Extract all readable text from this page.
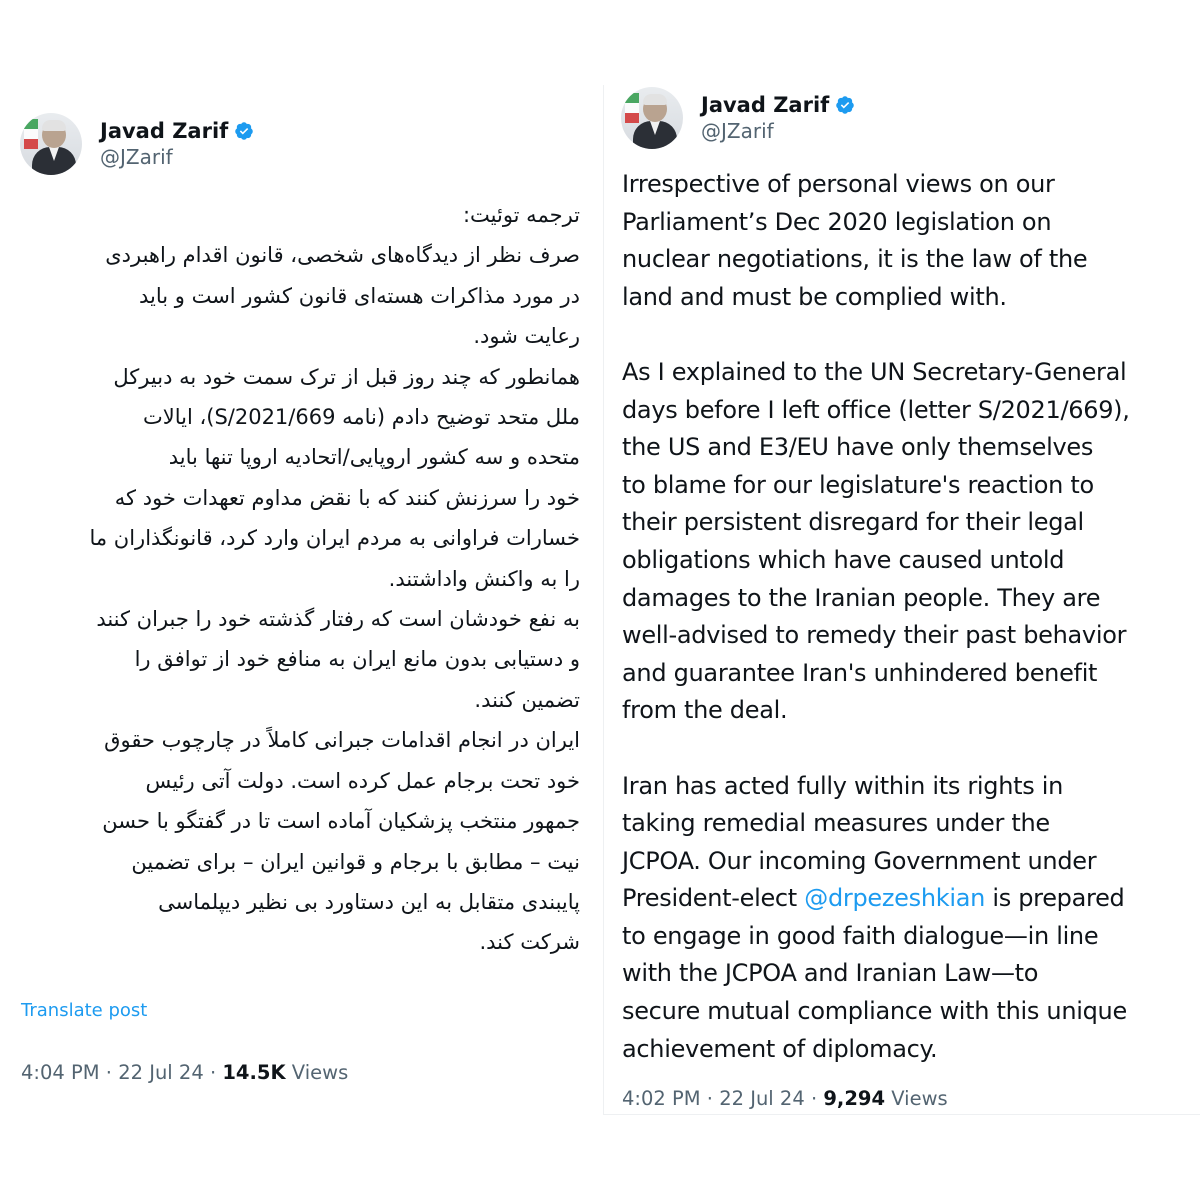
Javad Zarif
@JZarif

ترجمه توئیت:

صرف نظر از دیدگاه‌های شخصی، قانون اقدام راهبردی

در مورد مذاکرات هسته‌ای قانون کشور است و باید

رعایت شود.

همانطور که چند روز قبل از ترک سمت خود به دبیرکل

ملل متحد توضیح دادم (نامه S/2021/669)، ایالات

متحده و سه کشور اروپایی/اتحادیه اروپا تنها باید

خود را سرزنش کنند که با نقض مداوم تعهدات خود که

خسارات فراوانی به مردم ایران وارد کرد، قانونگذاران ما

را به واکنش واداشتند.

به نفع خودشان است که رفتار گذشته خود را جبران کنند

و دستیابی بدون مانع ایران به منافع خود از توافق را

تضمین کنند.

ایران در انجام اقدامات جبرانی کاملاً در چارچوب حقوق

خود تحت برجام عمل کرده است. دولت آتی رئیس

جمهور منتخب پزشکیان آماده است تا در گفتگو با حسن

نیت – مطابق با برجام و قوانین ایران – برای تضمین

پایبندی متقابل به این دستاورد بی نظیر دیپلماسی

شرکت کند.

Translate post
4:04 PM · 22 Jul 24 · 14.5K Views
Javad Zarif
@JZarif

Irrespective of personal views on our

Parliament’s Dec 2020 legislation on

nuclear negotiations, it is the law of the

land and must be complied with.

As I explained to the UN Secretary-General

days before I left office (letter S/2021/669),

the US and E3/EU have only themselves

to blame for our legislature's reaction to

their persistent disregard for their legal

obligations which have caused untold

damages to the Iranian people. They are

well-advised to remedy their past behavior

and guarantee Iran's unhindered benefit

from the deal.

Iran has acted fully within its rights in

taking remedial measures under the

JCPOA. Our incoming Government under

President-elect @drpezeshkian is prepared

to engage in good faith dialogue—in line

with the JCPOA and Iranian Law—to

secure mutual compliance with this unique

achievement of diplomacy.

4:02 PM · 22 Jul 24 · 9,294 Views
